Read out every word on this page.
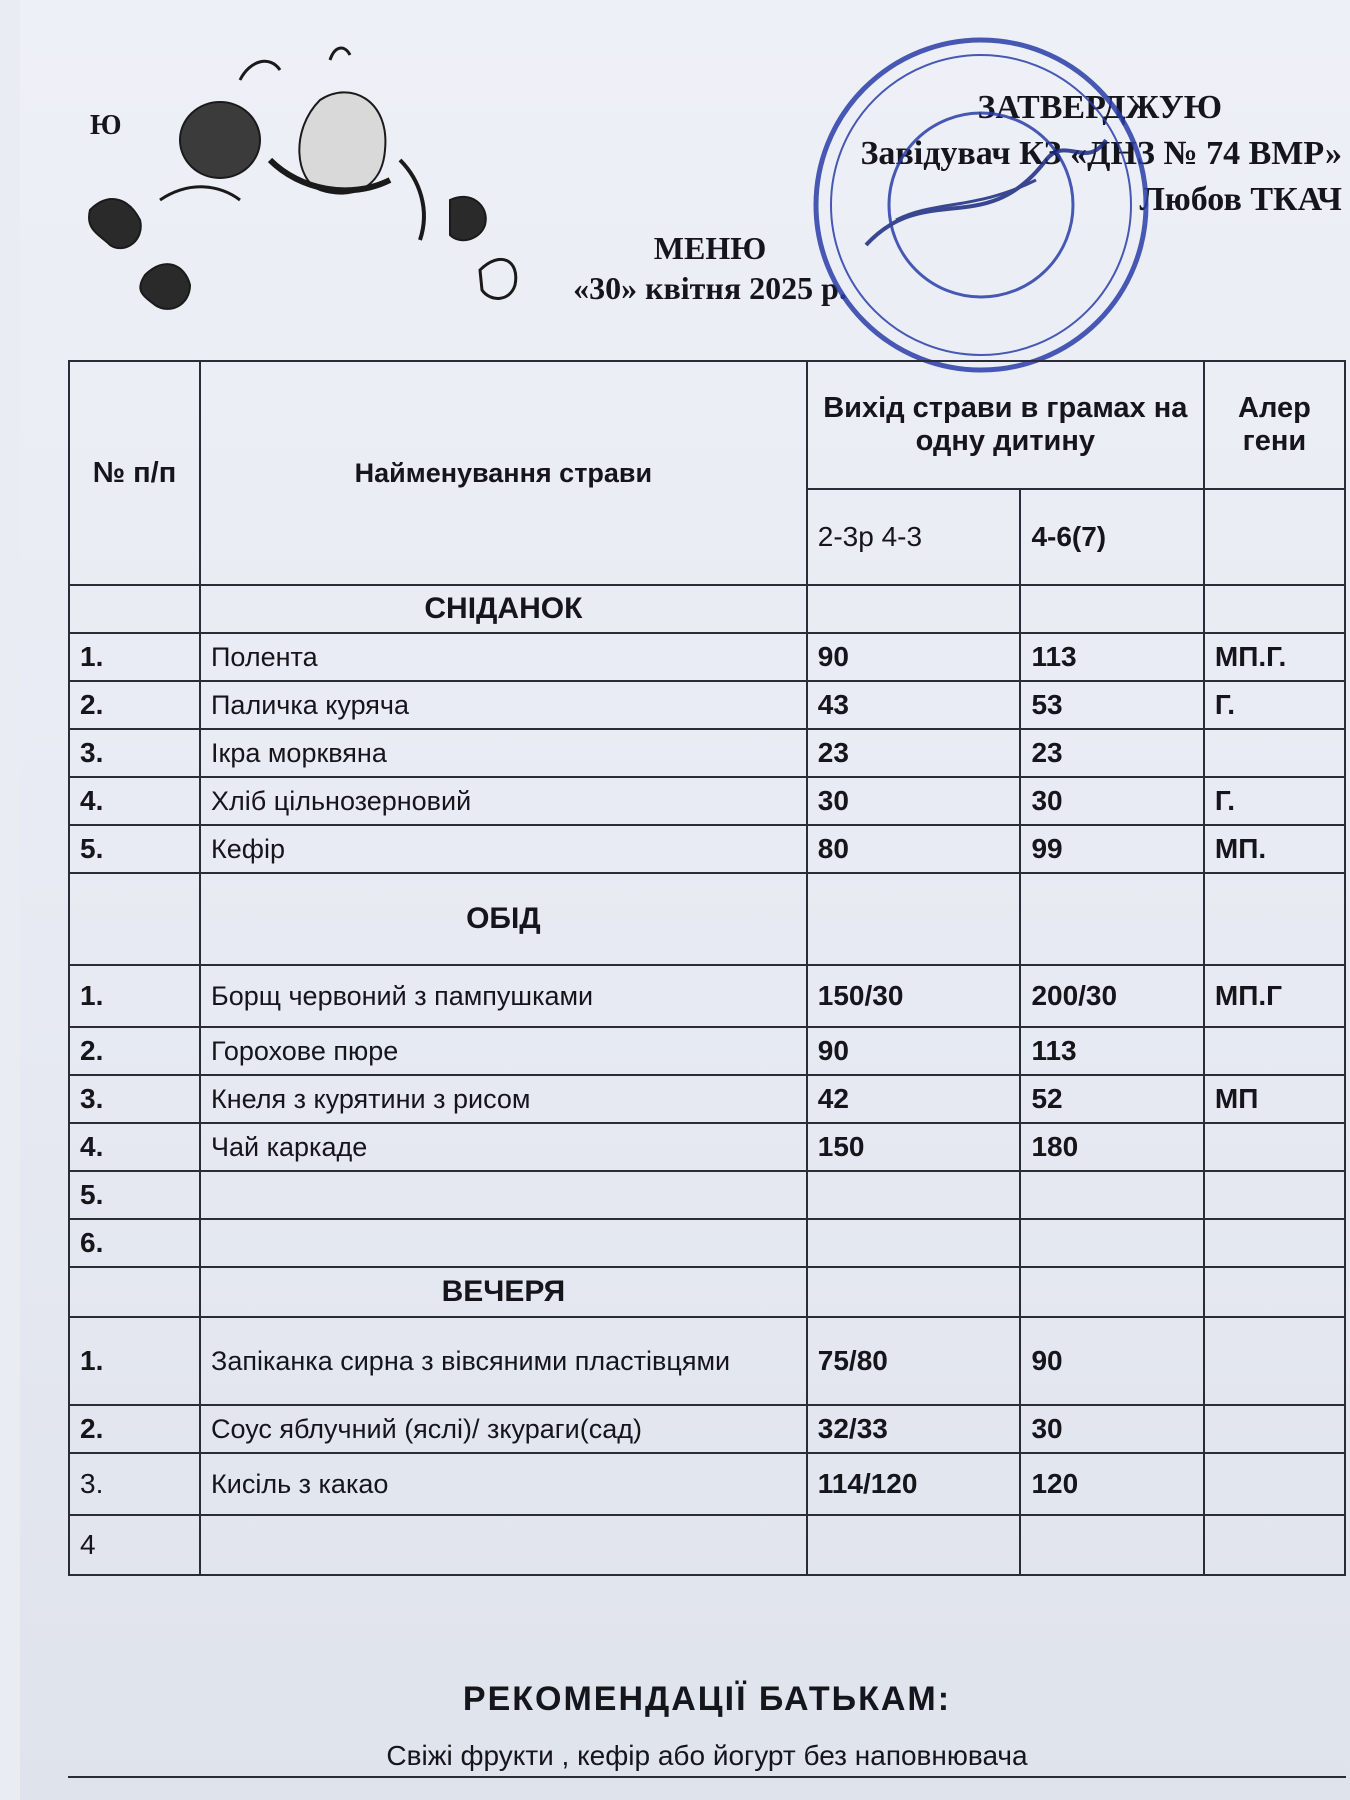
Ю	ЗАТВЕРДЖУЮ
Завідувач КЗ «ДНЗ № 74 ВМР»
Любов ТКАЧ
МЕНЮ
«30» квітня 2025 р.
№ п/п	Найменування страви	Вихід страви в грамах на одну дитину		Алер гени
		2-3р 4-3	4-6(7)	
	СНІДАНОК			
1.	Полента	90	113	МП.Г.
2.	Паличка куряча	43	53	Г.
3.	Ікра морквяна	23	23	
4.	Хліб цільнозерновий	30	30	Г.
5.	Кефір	80	99	МП.
	ОБІД			
1.	Борщ червоний з пампушками	150/30	200/30	МП.Г
2.	Горохове пюре	90	113	
3.	Кнеля з курятини з рисом	42	52	МП
4.	Чай каркаде	150	180	
5.				
6.				
	ВЕЧЕРЯ			
1.	Запіканка сирна з вівсяними пластівцями	75/80	90	
2.	Соус яблучний (яслі)/ зкураги(сад)	32/33	30	
3.	Кисіль з какао	114/120	120	
4				
РЕКОМЕНДАЦІЇ БАТЬКАМ:
Свіжі фрукти , кефір або йогурт без наповнювача
